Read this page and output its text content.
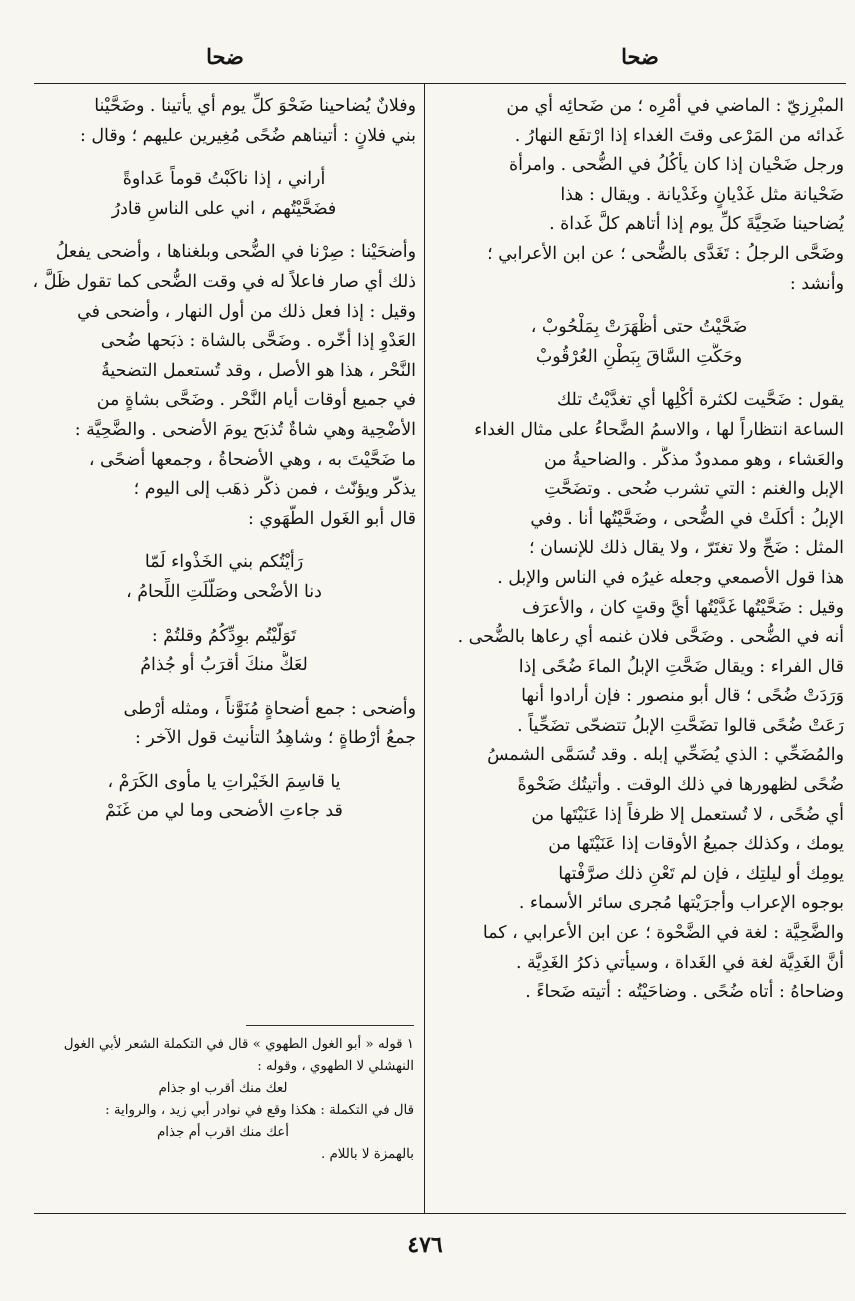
ضحا
ضحا
المبْرِزيّ : الماضي في أمْرِه ؛ من ضَحائِه أي من
غَدائه من المَرْعى وقتَ الغداء إذا ارْتفَع النهارُ .
ورجل ضَحْيان إذا كان يأكُلُ في الضُّحى . وامرأة
ضَحْيانة مثل غَدْيانٍ وغَدْيانة . ويقال : هذا
يُضاحينا ضَحِيَّةَ كلِّ يوم إذا أتاهم كلَّ غَداة .
وضَحَّى الرجلُ : تَغَدَّى بالضُّحى ؛ عن ابن الأعرابي ؛
وأنشد :
ضَحَّيْتُ حتى أظْهَرَتْ بِمَلْحُوبْ ،
وحَكَّتِ السَّاقَ بِبَطْنِ العُرْقُوبْ
يقول : ضَحَّيت لكثرة أكْلِها أي تغدَّيْتُ تلك
الساعة انتظاراً لها ، والاسمُ الضَّحاءُ على مثال الغداء
والعَشاء ، وهو ممدودٌ مذكَّر . والضاحيةُ من
الإبل والغنم : التي تشرب ضُحى . وتضَحَّتِ
الإبلُ : أكلَتْ في الضُّحى ، وضَحَّيْتُها أنا . وفي
المثل : ضَحِّ ولا تغتَرّ ، ولا يقال ذلك للإنسان ؛
هذا قول الأصمعي وجعله غيرُه في الناس والإبل .
وقيل : ضَحَّيْتُها غَدَّيْتُها أيَّ وقتٍ كان ، والأعرَف
أنه في الضُّحى . وضَحَّى فلان غنمه أي رعاها بالضُّحى .
قال الفراء : ويقال ضَحَّتِ الإبلُ الماءَ ضُحًى إذا
وَرَدَتْ ضُحًى ؛ قال أبو منصور : فإن أرادوا أنها
رَعَتْ ضُحًى قالوا تضَحَّتِ الإبلُ تتضحّى تضَحِّياً .
والمُضَحِّي : الذي يُضَحِّي إبله . وقد تُسَمَّى الشمسُ
ضُحًى لظهورها في ذلك الوقت . وأتيتُك ضَحْوةً
أي ضُحًى ، لا تُستعمل إلا ظرفاً إذا عَنَيْتَها من
يومك ، وكذلك جميعُ الأوقات إذا عَنَيْتَها من
يومِك أو ليلتِك ، فإن لم تَعْنِ ذلك صرَّفْتها
بوجوه الإعراب وأجرَيْتها مُجرى سائر الأسماء .
والضَّحِيَّة : لغة في الضَّحْوة ؛ عن ابن الأعرابي ، كما
أنَّ الغَدِيَّة لغة في الغَداة ، وسيأتي ذكرُ الغَدِيَّة .
وضاحاهُ : أتاه ضُحًى . وضاحَيْتُه : أتيته ضَحاءً .
وفلانٌ يُضاحينا ضَحْوَ كلِّ يوم أي يأتينا . وضَحَّيْنا
بني فلانٍ : أتيناهم ضُحًى مُغِيرين عليهم ؛ وقال :
أراني ، إذا ناكَبْتُ قوماً عَداوةً
فضَحَّيْتُهم ، اني على الناسِ قادرُ
وأضحَيْنا : صِرْنا في الضُّحى وبلغناها ، وأضحى يفعلُ
ذلك أي صار فاعلاً له في وقت الضُّحى كما تقول ظَلَّ ،
وقيل : إذا فعل ذلك من أول النهار ، وأضحى في
العَدْوِ إذا أخّره . وضَحَّى بالشاة : ذبَحها ضُحى
النَّحْر ، هذا هو الأصل ، وقد تُستعمل التضحيةُ
في جميع أوقات أيام النَّحْر . وضَحَّى بشاةٍ من
الأضْحِية وهي شاةٌ تُذبَح يومَ الأضحى . والضَّحِيَّة :
ما ضَحَّيْتَ به ، وهي الأضحاةُ ، وجمعها أضحًى ،
يذكّر ويؤنّث ، فمن ذكَّر ذهَب إلى اليوم ؛
قال أبو الغَول الطُّهَوي :
رَأيْتُكم بني الخَذْواء لَمّا
دنا الأضْحى وصَلَّلَتِ اللِّحامُ ،
تَوَلَّيْتُم بوِدِّكُمُ وقلتُمْ :
لعَكُّ منكَ أقرَبُ أو جُذامُ
وأضحى : جمع أضحاةٍ مُنَوَّناً ، ومثله أرْطى
جمعُ أرْطاةٍ ؛ وشاهِدُ التأنيث قول الآخر :
يا قاسِمَ الخَيْراتِ يا مأوى الكَرَمْ ،
قد جاءتِ الأضحى وما لي من غَنَمْ
١ قوله « أبو الغول الطهوي » قال في التكملة الشعر لأبي الغول
النهشلي لا الطهوي ، وقوله :
لعك منك أقرب او جذام
قال في التكملة : هكذا وقع في نوادر أبي زيد ، والرواية :
أعك منك اقرب أم جذام
بالهمزة لا باللام .
٤٧٦
